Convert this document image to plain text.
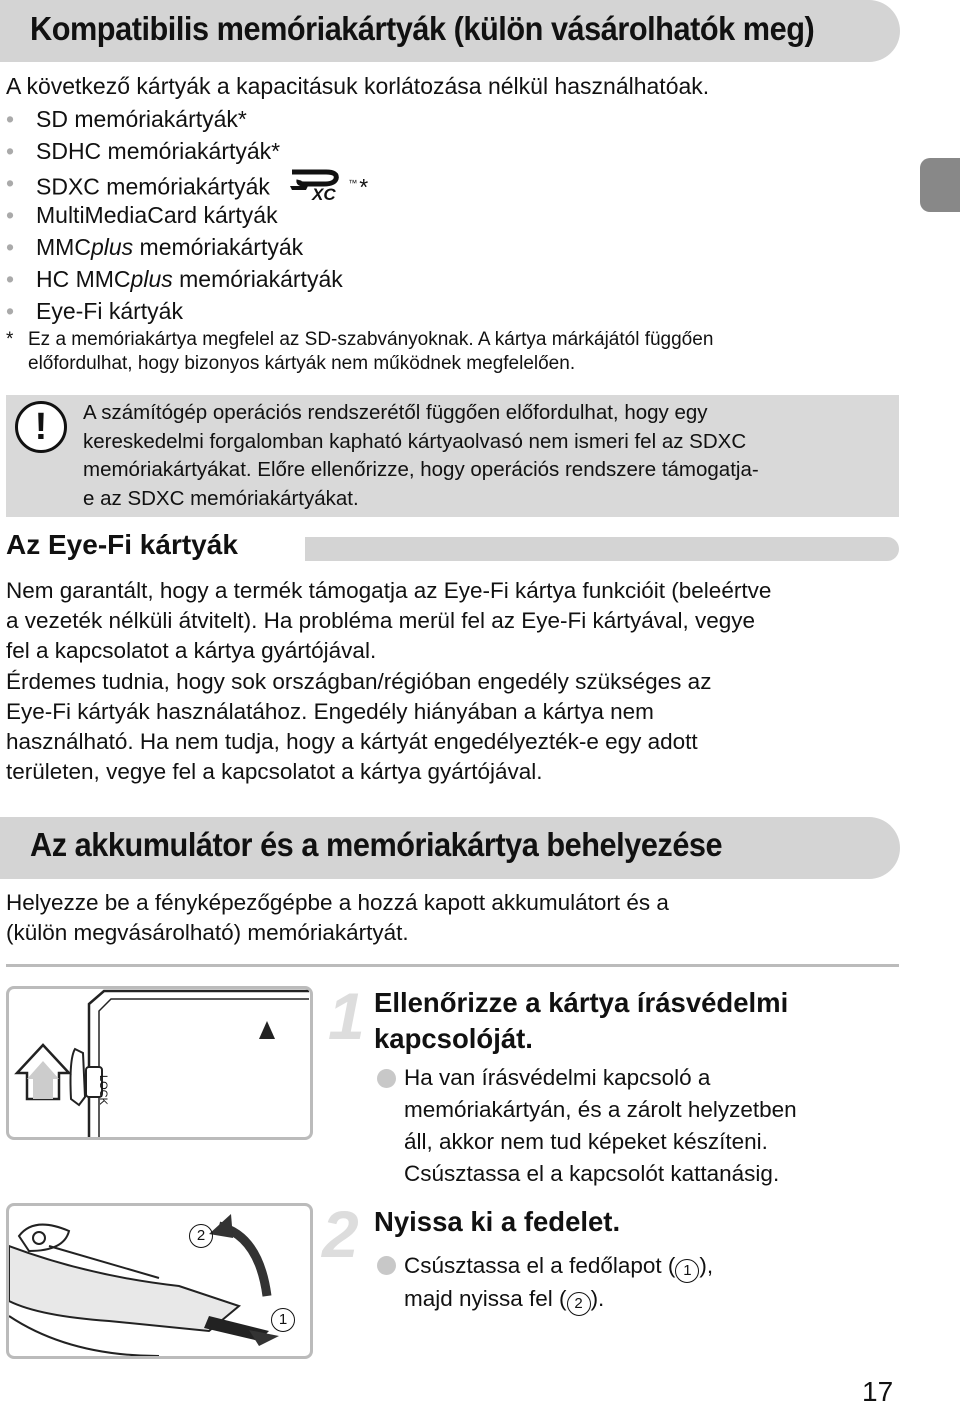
Kompatibilis memóriakártyák (külön vásárolhatók meg)
A következő kártyák a kapacitásuk korlátozása nélkül használhatóak.
• SD memóriakártyák*
• SDHC memóriakártyák*
• SDXC memóriakártyák XC
™*
• MultiMediaCard kártyák
• MMCplus memóriakártyák
• HC MMCplus memóriakártyák
• Eye-Fi kártyák
* Ez a memóriakártya megfelel az SD-szabványoknak. A kártya márkájától függően
előfordulhat, hogy bizonyos kártyák nem működnek megfelelően.
!	A számítógép operációs rendszerétől függően előfordulhat, hogy egy
kereskedelmi forgalomban kapható kártyaolvasó nem ismeri fel az SDXC
memóriakártyákat. Előre ellenőrizze, hogy operációs rendszere támogatja-
e az SDXC memóriakártyákat.
Az Eye-Fi kártyák
Nem garantált, hogy a termék támogatja az Eye-Fi kártya funkcióit (beleértve
a vezeték nélküli átvitelt). Ha probléma merül fel az Eye-Fi kártyával, vegye
fel a kapcsolatot a kártya gyártójával.
Érdemes tudnia, hogy sok országban/régióban engedély szükséges az
Eye-Fi kártyák használatához. Engedély hiányában a kártya nem
használható. Ha nem tudja, hogy a kártyát engedélyezték-e egy adott
területen, vegye fel a kapcsolatot a kártya gyártójával.
Az akkumulátor és a memóriakártya behelyezése
Helyezze be a fényképezőgépbe a hozzá kapott akkumulátort és a
(külön megvásárolható) memóriakártyát.
LOCK
2
1
1 Ellenőrizze a kártya írásvédelmi
kapcsolóját.
Ha van írásvédelmi kapcsoló a
memóriakártyán, és a zárolt helyzetben
áll, akkor nem tud képeket készíteni.
Csúsztassa el a kapcsolót kattanásig.
2 Nyissa ki a fedelet.
Csúsztassa el a fedőlapot ( 1 ),
majd nyissa fel ( 2 ).
17
